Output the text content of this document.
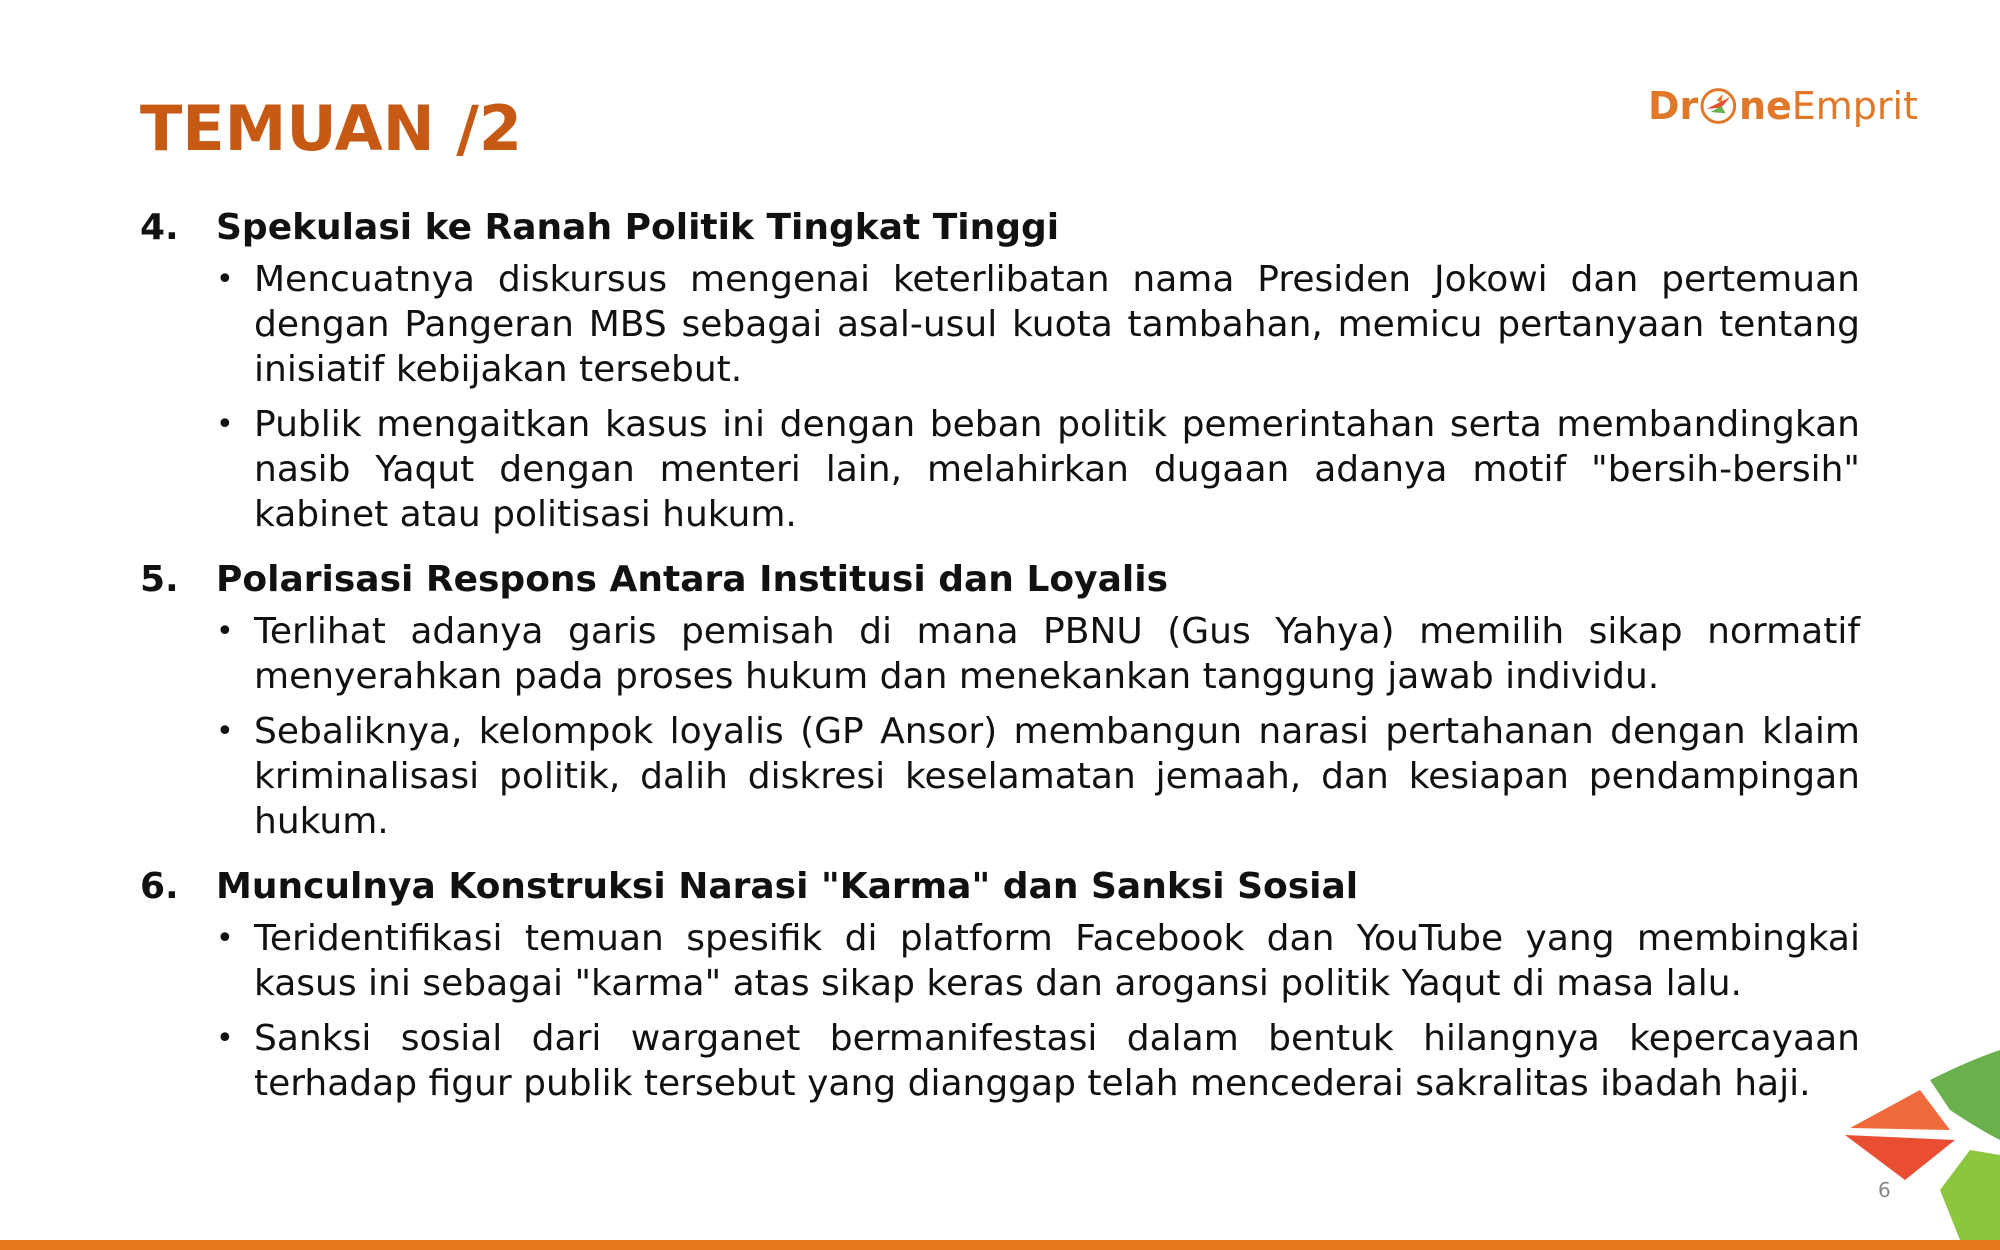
TEMUAN /2	Dr ne Emprit
4.	Spekulasi ke Ranah Politik Tingkat Tinggi
• Mencuatnya diskursus mengenai keterlibatan nama Presiden Jokowi dan pertemuan dengan Pangeran MBS sebagai asal-usul kuota tambahan, memicu pertanyaan tentang inisiatif kebijakan tersebut.
• Publik mengaitkan kasus ini dengan beban politik pemerintahan serta membandingkan nasib Yaqut dengan menteri lain, melahirkan dugaan adanya motif "bersih-bersih" kabinet atau politisasi hukum.
5.	Polarisasi Respons Antara Institusi dan Loyalis
• Terlihat adanya garis pemisah di mana PBNU (Gus Yahya) memilih sikap normatif menyerahkan pada proses hukum dan menekankan tanggung jawab individu.
• Sebaliknya, kelompok loyalis (GP Ansor) membangun narasi pertahanan dengan klaim kriminalisasi politik, dalih diskresi keselamatan jemaah, dan kesiapan pendampingan hukum.
6.	Munculnya Konstruksi Narasi "Karma" dan Sanksi Sosial
• Teridentifikasi temuan spesifik di platform Facebook dan YouTube yang membingkai kasus ini sebagai "karma" atas sikap keras dan arogansi politik Yaqut di masa lalu.
• Sanksi sosial dari warganet bermanifestasi dalam bentuk hilangnya kepercayaan terhadap figur publik tersebut yang dianggap telah mencederai sakralitas ibadah haji.
6
